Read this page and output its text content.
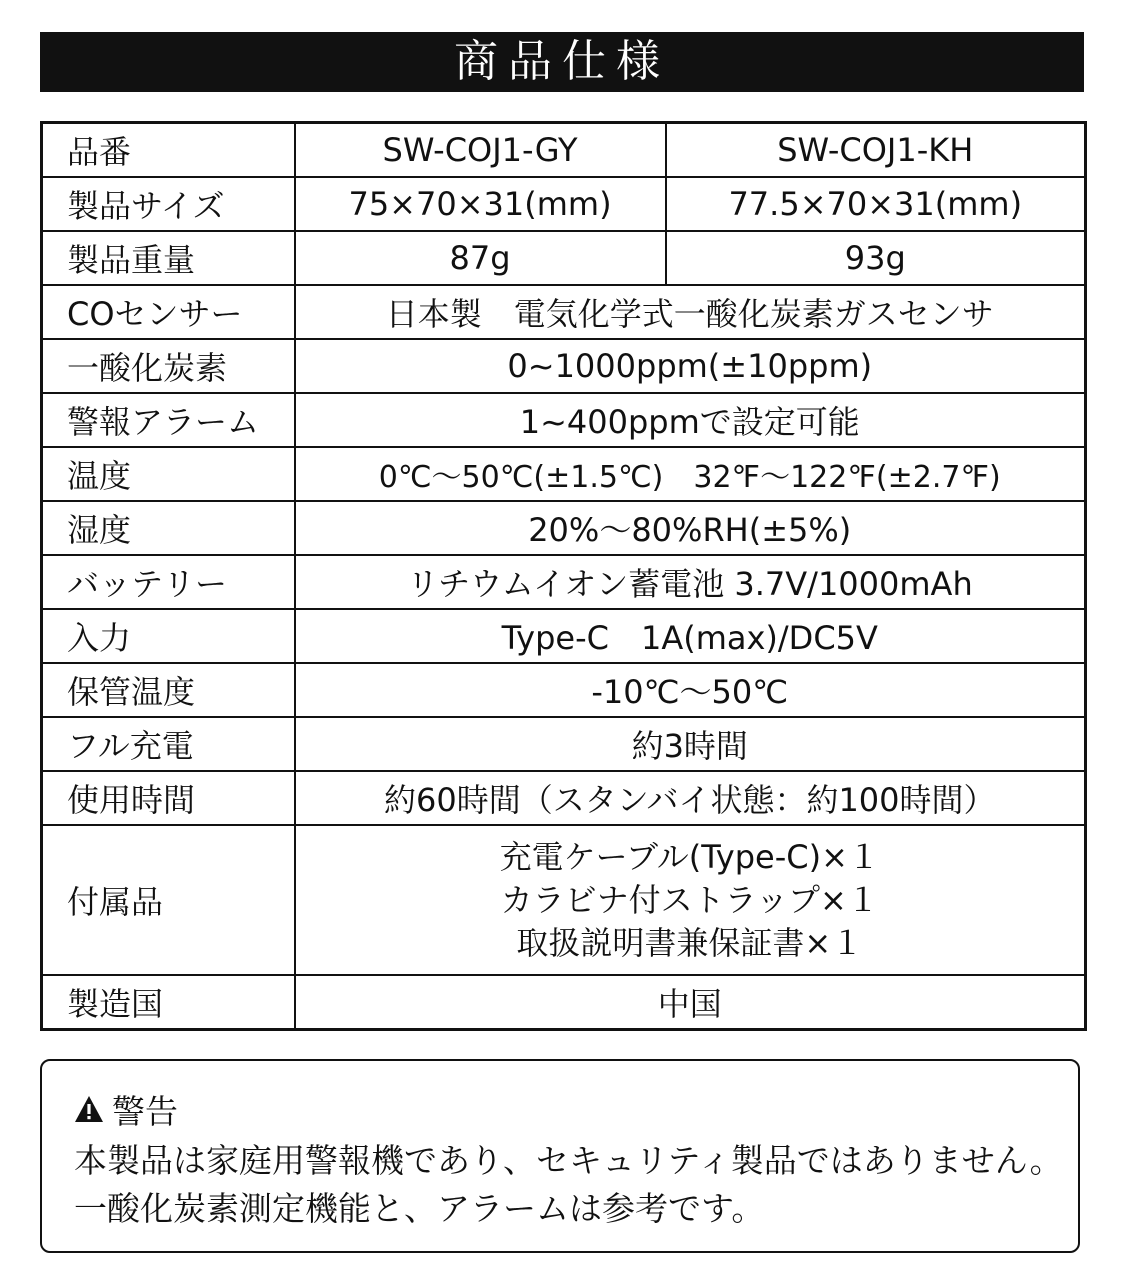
商品仕様
品番	SW-COJ1-GY	SW-COJ1-KH
製品サイズ	75×70×31(mm)	77.5×70×31(mm)
製品重量	87g	93g
COセンサー	日本製　電気化学式一酸化炭素ガスセンサ	
一酸化炭素	0~1000ppm(±10ppm)	
警報アラーム	1~400ppmで設定可能	
温度	0℃〜50℃(±1.5℃)　32℉〜122℉(±2.7℉)	
湿度	20%〜80%RH(±5%)	
バッテリー	リチウムイオン蓄電池 3.7V/1000mAh	
入力	Type-C　1A(max)/DC5V	
保管温度	-10℃〜50℃	
フル充電	約3時間	
使用時間	約60時間（スタンバイ状態：約100時間）	
付属品	充電ケーブル(Type-C)×１
カラビナ付ストラップ×１
取扱説明書兼保証書×１	

製造国	中国	
警告
本製品は家庭用警報機であり、セキュリティ製品ではありません。
一酸化炭素測定機能と、アラームは参考です。
